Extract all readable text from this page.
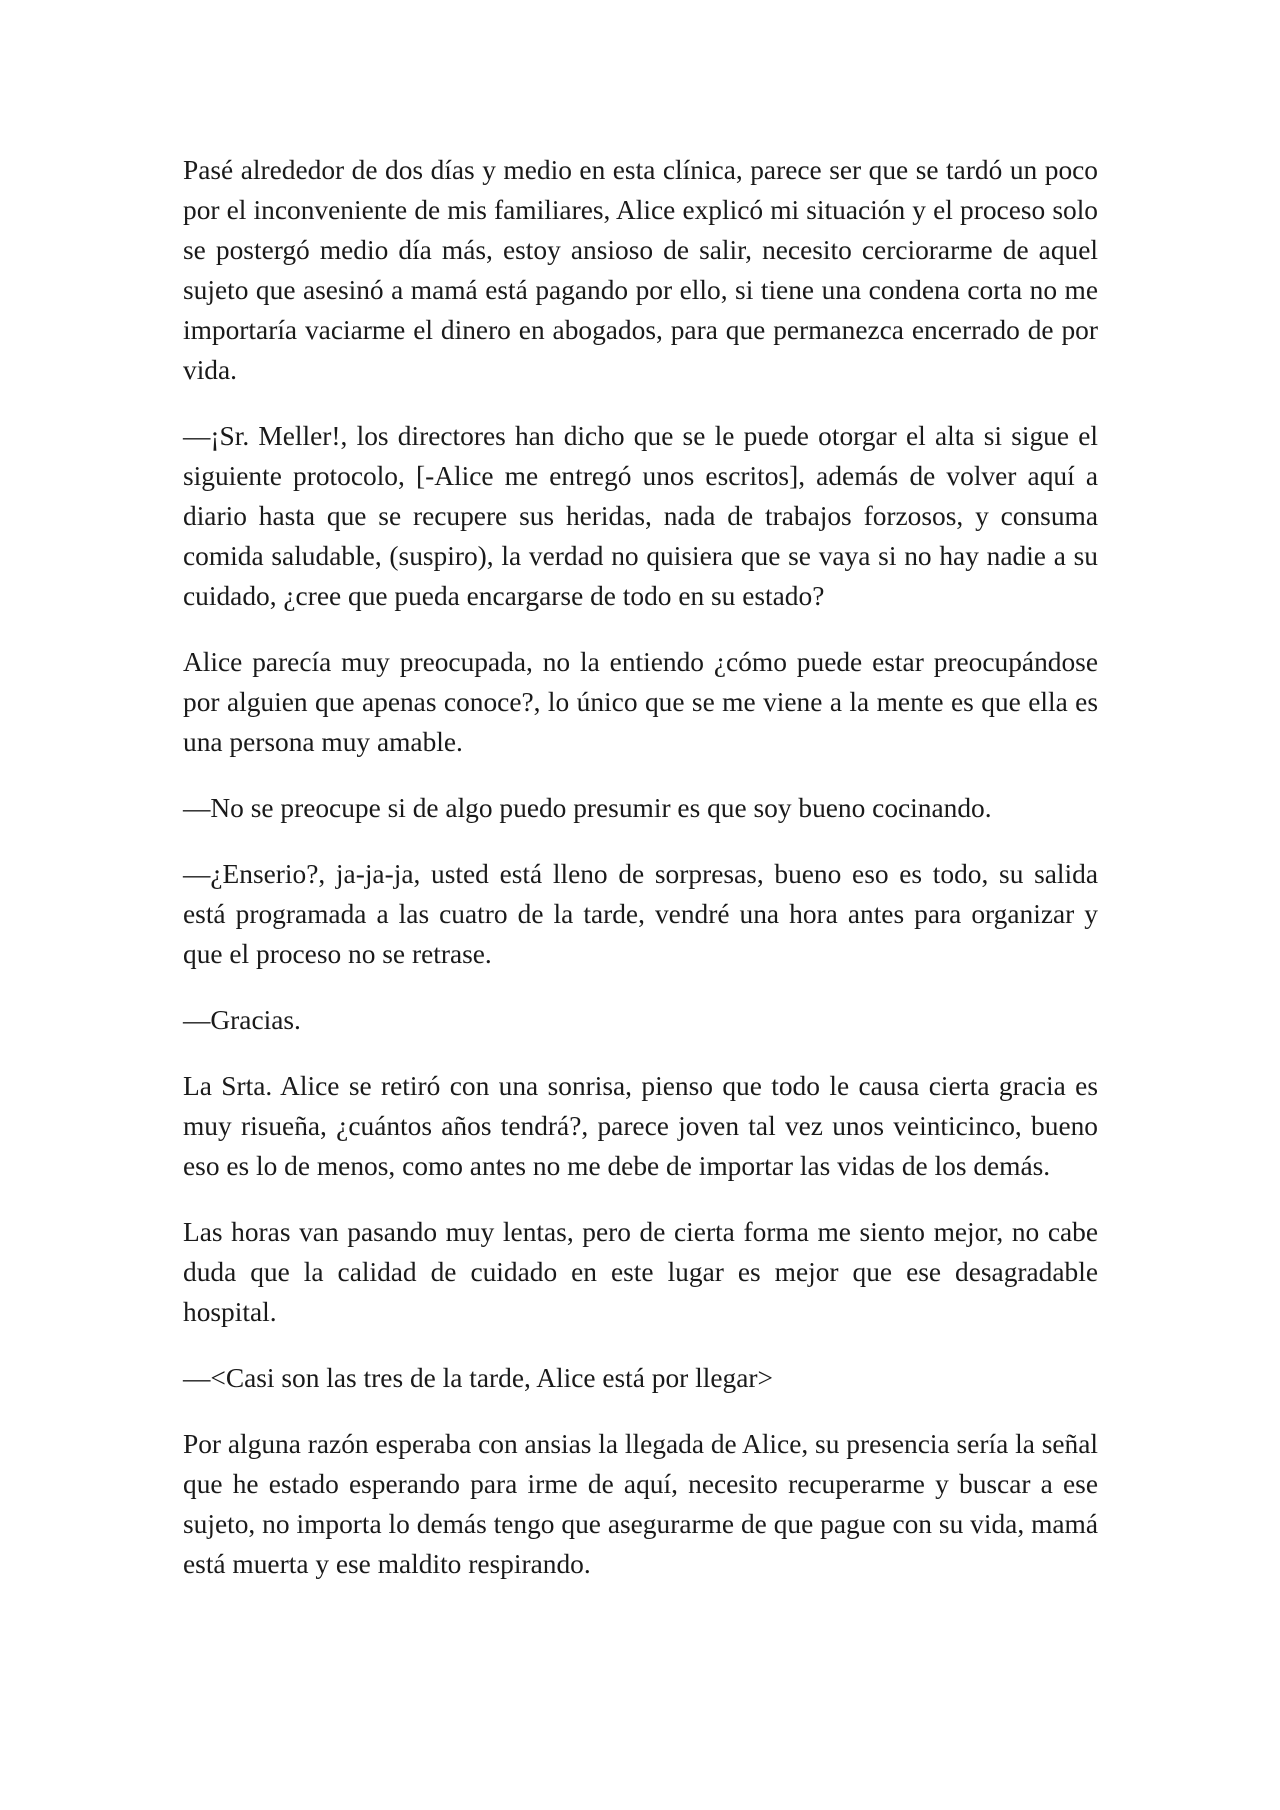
Pasé alrededor de dos días y medio en esta clínica, parece ser que se tardó un poco por el inconveniente de mis familiares, Alice explicó mi situación y el proceso solo se postergó medio día más, estoy ansioso de salir, necesito cerciorarme de aquel sujeto que asesinó a mamá está pagando por ello, si tiene una condena corta no me importaría vaciarme el dinero en abogados, para que permanezca encerrado de por vida.

—¡Sr. Meller!, los directores han dicho que se le puede otorgar el alta si sigue el siguiente protocolo, [-Alice me entregó unos escritos], además de volver aquí a diario hasta que se recupere sus heridas, nada de trabajos forzosos, y consuma comida saludable, (suspiro), la verdad no quisiera que se vaya si no hay nadie a su cuidado, ¿cree que pueda encargarse de todo en su estado?

Alice parecía muy preocupada, no la entiendo ¿cómo puede estar preocupándose por alguien que apenas conoce?, lo único que se me viene a la mente es que ella es una persona muy amable.

—No se preocupe si de algo puedo presumir es que soy bueno cocinando.

—¿Enserio?, ja-ja-ja, usted está lleno de sorpresas, bueno eso es todo, su salida está programada a las cuatro de la tarde, vendré una hora antes para organizar y que el proceso no se retrase.

—Gracias.

La Srta. Alice se retiró con una sonrisa, pienso que todo le causa cierta gracia es muy risueña, ¿cuántos años tendrá?, parece joven tal vez unos veinticinco, bueno eso es lo de menos, como antes no me debe de importar las vidas de los demás.

Las horas van pasando muy lentas, pero de cierta forma me siento mejor, no cabe duda que la calidad de cuidado en este lugar es mejor que ese desagradable hospital.

—<Casi son las tres de la tarde, Alice está por llegar>

Por alguna razón esperaba con ansias la llegada de Alice, su presencia sería la señal que he estado esperando para irme de aquí, necesito recuperarme y buscar a ese sujeto, no importa lo demás tengo que asegurarme de que pague con su vida, mamá está muerta y ese maldito respirando.
